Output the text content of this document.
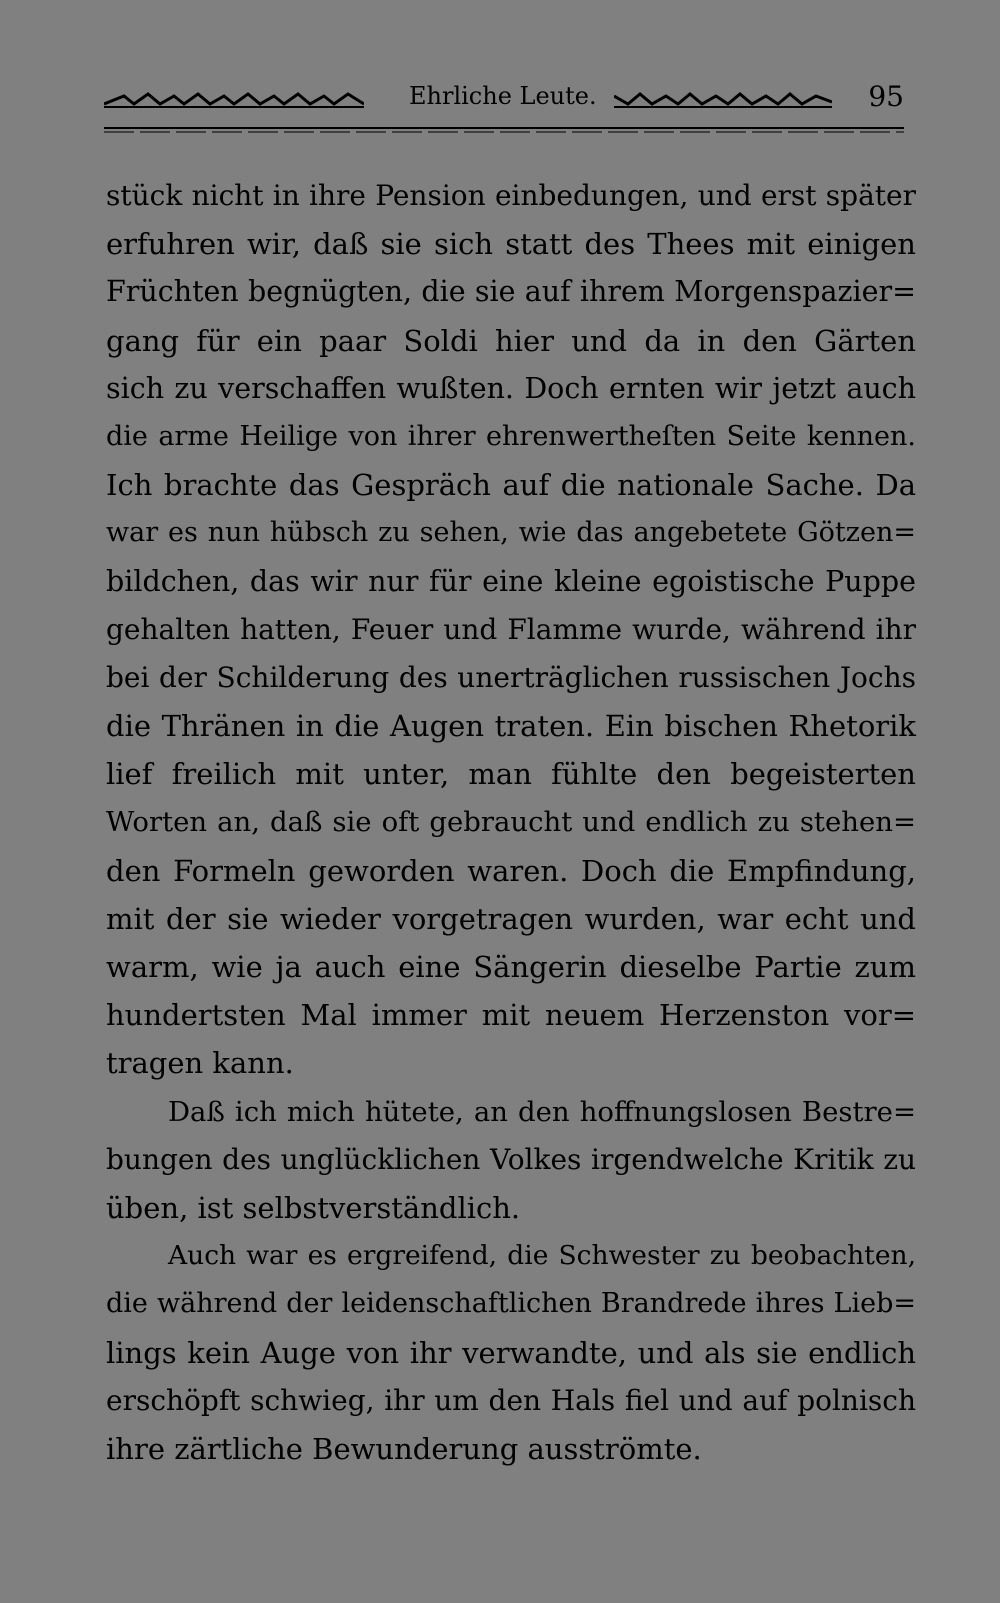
Ehrliche Leute.	95
stück nicht in ihre Pension einbedungen, und erst später
erfuhren wir, daß sie sich statt des Thees mit einigen
Früchten begnügten, die sie auf ihrem Morgenspazier=
gang für ein paar Soldi hier und da in den Gärten
sich zu verschaffen wußten. Doch ernten wir jetzt auch
die arme Heilige von ihrer ehrenwertheſten Seite kennen.
Ich brachte das Gespräch auf die nationale Sache. Da
war es nun hübsch zu sehen, wie das angebetete Götzen=
bildchen, das wir nur für eine kleine egoistische Puppe
gehalten hatten, Feuer und Flamme wurde, während ihr
bei der Schilderung des unerträglichen russischen Jochs
die Thränen in die Augen traten. Ein bischen Rhetorik
lief freilich mit unter, man fühlte den begeisterten
Worten an, daß sie oft gebraucht und endlich zu stehen=
den Formeln geworden waren. Doch die Empfindung,
mit der sie wieder vorgetragen wurden, war echt und
warm, wie ja auch eine Sängerin dieselbe Partie zum
hundertsten Mal immer mit neuem Herzenston vor=
tragen kann.
Daß ich mich hütete, an den hoffnungslosen Bestre=
bungen des unglücklichen Volkes irgendwelche Kritik zu
üben, ist selbstverständlich.
Auch war es ergreifend, die Schwester zu beobachten,
die während der leidenschaftlichen Brandrede ihres Lieb=
lings kein Auge von ihr verwandte, und als sie endlich
erschöpft schwieg, ihr um den Hals fiel und auf polnisch
ihre zärtliche Bewunderung ausströmte.
